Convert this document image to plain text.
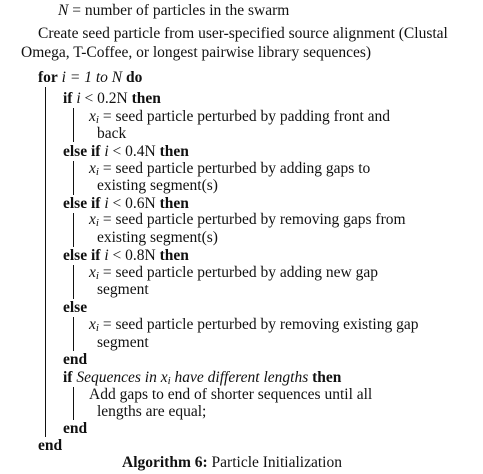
N = number of particles in the swarm
Create seed particle from user-specified source alignment (Clustal
Omega, T-Coffee, or longest pairwise library sequences)
for i = 1 to N do
if i < 0.2N then
xi = seed particle perturbed by padding front and
back
else if i < 0.4N then
xi = seed particle perturbed by adding gaps to
existing segment(s)
else if i < 0.6N then
xi = seed particle perturbed by removing gaps from
existing segment(s)
else if i < 0.8N then
xi = seed particle perturbed by adding new gap
segment
else
xi = seed particle perturbed by removing existing gap
segment
end
if Sequences in xi have different lengths then
Add gaps to end of shorter sequences until all
lengths are equal;
end
end
Algorithm 6: Particle Initialization
